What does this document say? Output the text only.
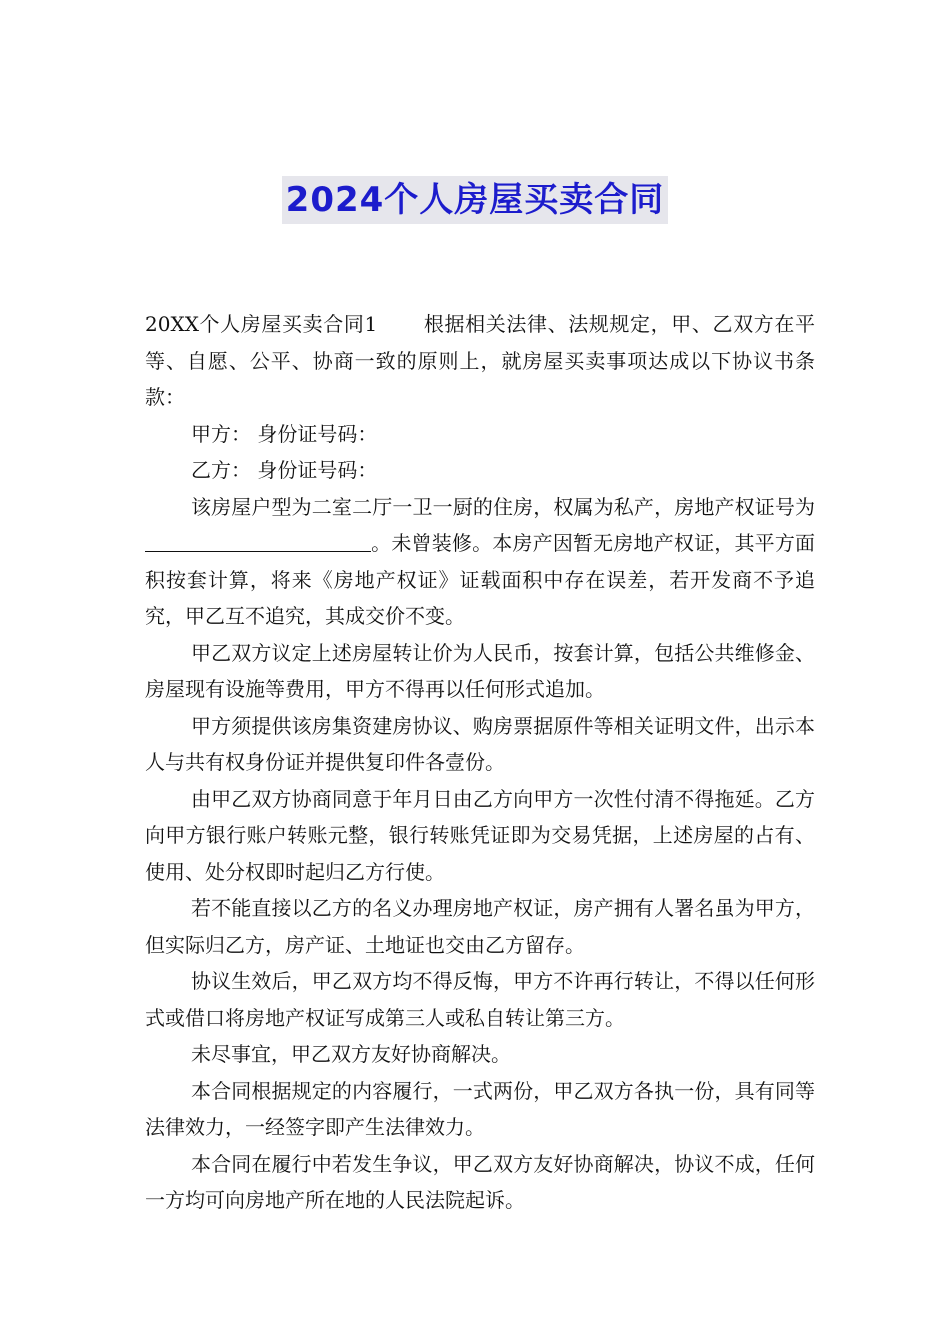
2024个人房屋买卖合同

20XX个人房屋买卖合同1 根据相关法律、法规规定，甲、乙双方在平等、自愿、公平、协商一致的原则上，就房屋买卖事项达成以下协议书条款：

甲方： 身份证号码：

乙方： 身份证号码：

该房屋户型为二室二厅一卫一厨的住房，权属为私产，房地产权证号为。未曾装修。本房产因暂无房地产权证，其平方面积按套计算，将来《房地产权证》证载面积中存在误差，若开发商不予追究，甲乙互不追究，其成交价不变。

甲乙双方议定上述房屋转让价为人民币，按套计算，包括公共维修金、房屋现有设施等费用，甲方不得再以任何形式追加。

甲方须提供该房集资建房协议、购房票据原件等相关证明文件，出示本人与共有权身份证并提供复印件各壹份。

由甲乙双方协商同意于年月日由乙方向甲方一次性付清不得拖延。乙方向甲方银行账户转账元整，银行转账凭证即为交易凭据，上述房屋的占有、使用、处分权即时起归乙方行使。

若不能直接以乙方的名义办理房地产权证，房产拥有人署名虽为甲方，但实际归乙方，房产证、土地证也交由乙方留存。

协议生效后，甲乙双方均不得反悔，甲方不许再行转让，不得以任何形式或借口将房地产权证写成第三人或私自转让第三方。

未尽事宜，甲乙双方友好协商解决。

本合同根据规定的内容履行，一式两份，甲乙双方各执一份，具有同等法律效力，一经签字即产生法律效力。

本合同在履行中若发生争议，甲乙双方友好协商解决，协议不成，任何一方均可向房地产所在地的人民法院起诉。
